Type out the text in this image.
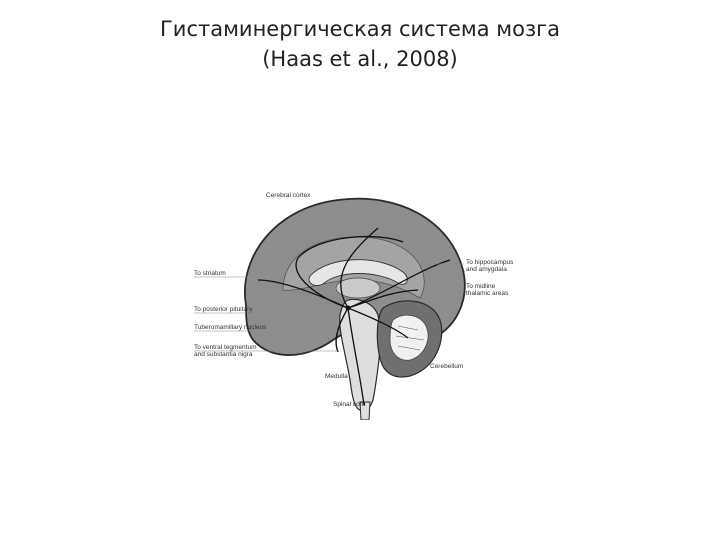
Гистаминергическая система мозга
(Haas et al., 2008)
Cerebral cortex
To striatum
To hippocampus
and amygdala
To midline
thalamic areas
To posterior pituitary
Tuberomamillary nucleus
To ventral tegmentum
and substantia nigra
Medulla
Cerebellum
Spinal cord
